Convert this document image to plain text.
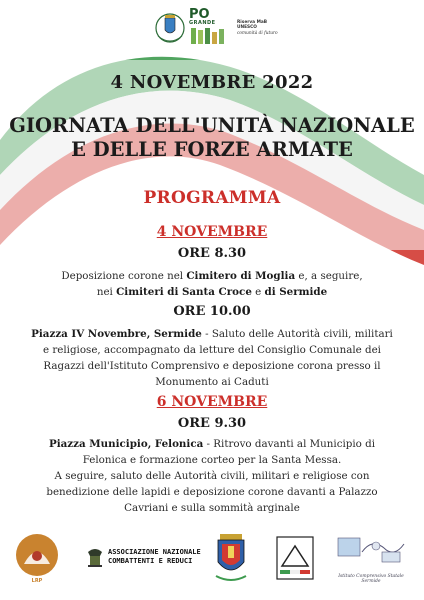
PO
GRANDE	Riserva MaB UNESCO
comunità di futuro
4 NOVEMBRE 2022
GIORNATA DELL'UNITÀ NAZIONALE
E DELLE FORZE ARMATE
PROGRAMMA
4 NOVEMBRE
ORE 8.30
Deposizione corone nel Cimitero di Moglia e, a seguire,
nei Cimiteri di Santa Croce e di Sermide
ORE 10.00
Piazza IV Novembre, Sermide - Saluto delle Autorità civili, militari e religiose, accompagnato da letture del Consiglio Comunale dei Ragazzi dell'Istituto Comprensivo e deposizione corona presso il Monumento ai Caduti
6 NOVEMBRE
ORE 9.30
Piazza Municipio, Felonica - Ritrovo davanti al Municipio di Felonica e formazione corteo per la Santa Messa.
A seguire, saluto delle Autorità civili, militari e religiose con benedizione delle lapidi e deposizione corone davanti a Palazzo Cavriani e sulla sommità arginale
LRP
ASSOCIAZIONE NAZIONALE
COMBATTENTI E REDUCI
Istituto Comprensivo Statale Sermide
